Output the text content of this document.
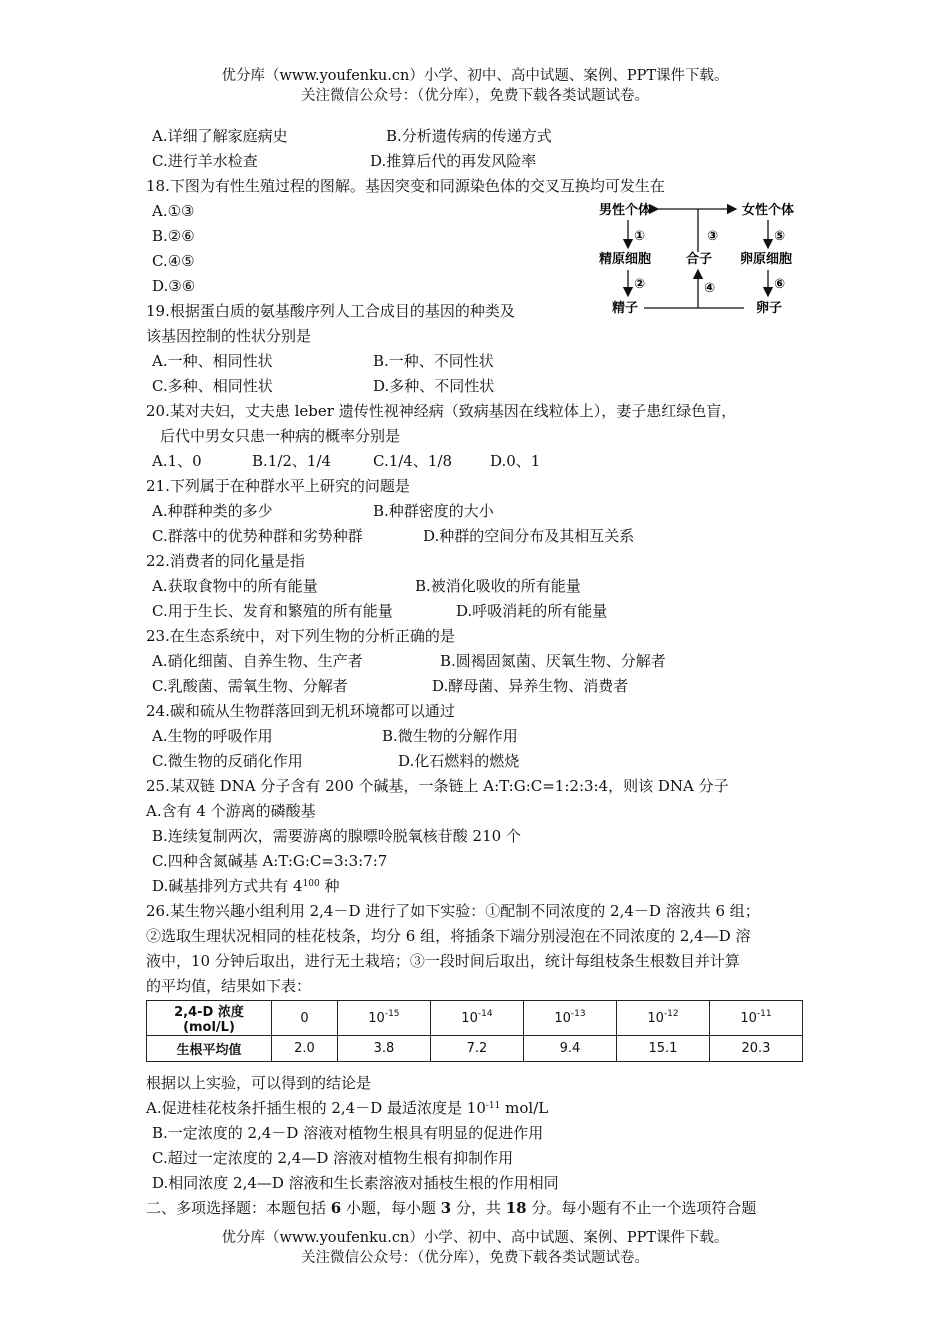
优分库（www.youfenku.cn）小学、初中、高中试题、案例、PPT课件下载。
关注微信公众号：（优分库），免费下载各类试题试卷。
A.详细了解家庭病史	B.分析遗传病的传递方式
C.进行羊水检查	D.推算后代的再发风险率
18.下图为有性生殖过程的图解。基因突变和同源染色体的交叉互换均可发生在
A.①③
B.②⑥
C.④⑤
D.③⑥
男性个体	女性个体
①
精原细胞
②
精子
③
合子
④
⑤
卵原细胞
⑥
卵子
19.根据蛋白质的氨基酸序列人工合成目的基因的种类及
该基因控制的性状分别是
A.一种、相同性状	B.一种、不同性状
C.多种、相同性状	D.多种、不同性状
20.某对夫妇，丈夫患 leber 遗传性视神经病（致病基因在线粒体上），妻子患红绿色盲，
后代中男女只患一种病的概率分别是
A.1、0	B.1/2、1/4	C.1/4、1/8	D.0、1
21.下列属于在种群水平上研究的问题是
A.种群种类的多少	B.种群密度的大小
C.群落中的优势种群和劣势种群	D.种群的空间分布及其相互关系
22.消费者的同化量是指
A.获取食物中的所有能量	B.被消化吸收的所有能量
C.用于生长、发育和繁殖的所有能量	D.呼吸消耗的所有能量
23.在生态系统中，对下列生物的分析正确的是
A.硝化细菌、自养生物、生产者	B.圆褐固氮菌、厌氧生物、分解者
C.乳酸菌、需氧生物、分解者	D.酵母菌、异养生物、消费者
24.碳和硫从生物群落回到无机环境都可以通过
A.生物的呼吸作用	B.微生物的分解作用
C.微生物的反硝化作用	D.化石燃料的燃烧
25.某双链 DNA 分子含有 200 个碱基，一条链上 A:T:G:C=1:2:3:4，则该 DNA 分子
A.含有 4 个游离的磷酸基
B.连续复制两次，需要游离的腺嘌呤脱氧核苷酸 210 个
C.四种含氮碱基 A:T:G:C=3:3:7:7
D.碱基排列方式共有 $4^{100}$ 种
26.某生物兴趣小组利用 2,4－D 进行了如下实验：①配制不同浓度的 2,4－D 溶液共 6 组；
②选取生理状况相同的桂花枝条，均分 6 组，将插条下端分别浸泡在不同浓度的 2,4—D 溶
液中，10 分钟后取出，进行无土栽培；③一段时间后取出，统计每组枝条生根数目并计算
的平均值，结果如下表：
2,4-D 浓度(mol/L)	0	$10^{-15}$	$10^{-14}$	$10^{-13}$	$10^{-12}$	$10^{-11}$
生根平均值	2.0	3.8	7.2	9.4	15.1	20.3
根据以上实验，可以得到的结论是
A.促进桂花枝条扦插生根的 2,4－D 最适浓度是 $10^{-11}$ mol/L
B.一定浓度的 2,4－D 溶液对植物生根具有明显的促进作用
C.超过一定浓度的 2,4—D 溶液对植物生根有抑制作用
D.相同浓度 2,4—D 溶液和生长素溶液对插枝生根的作用相同
二、多项选择题：本题包括 6 小题，每小题 3 分，共 18 分。每小题有不止一个选项符合题
优分库（www.youfenku.cn）小学、初中、高中试题、案例、PPT课件下载。
关注微信公众号：（优分库），免费下载各类试题试卷。
